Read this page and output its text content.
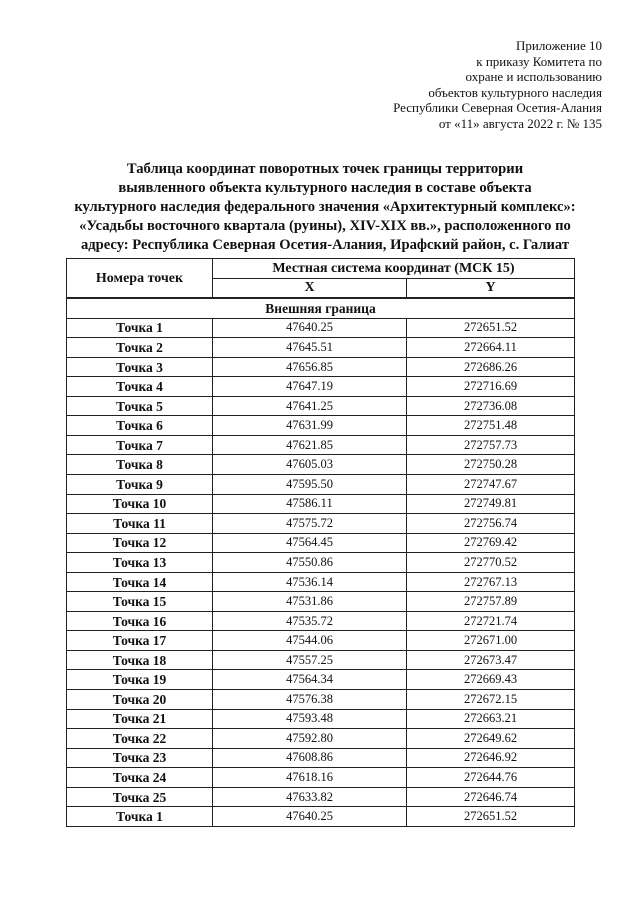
Приложение 10
к приказу Комитета по
охране и использованию
объектов культурного наследия
Республики Северная Осетия-Алания
от «11» августа 2022 г. № 135
Таблица координат поворотных точек границы территории
выявленного объекта культурного наследия в составе объекта
культурного наследия федерального значения «Архитектурный комплекс»:
«Усадьбы восточного квартала (руины), XIV-XIX вв.», расположенного по
адресу: Республика Северная Осетия-Алания, Ирафский район, с. Галиат
Номера точек	Местная система координат (МСК 15)	
	X	Y
Внешняя граница		
Точка 1	47640.25	272651.52
Точка 2	47645.51	272664.11
Точка 3	47656.85	272686.26
Точка 4	47647.19	272716.69
Точка 5	47641.25	272736.08
Точка 6	47631.99	272751.48
Точка 7	47621.85	272757.73
Точка 8	47605.03	272750.28
Точка 9	47595.50	272747.67
Точка 10	47586.11	272749.81
Точка 11	47575.72	272756.74
Точка 12	47564.45	272769.42
Точка 13	47550.86	272770.52
Точка 14	47536.14	272767.13
Точка 15	47531.86	272757.89
Точка 16	47535.72	272721.74
Точка 17	47544.06	272671.00
Точка 18	47557.25	272673.47
Точка 19	47564.34	272669.43
Точка 20	47576.38	272672.15
Точка 21	47593.48	272663.21
Точка 22	47592.80	272649.62
Точка 23	47608.86	272646.92
Точка 24	47618.16	272644.76
Точка 25	47633.82	272646.74
Точка 1	47640.25	272651.52
